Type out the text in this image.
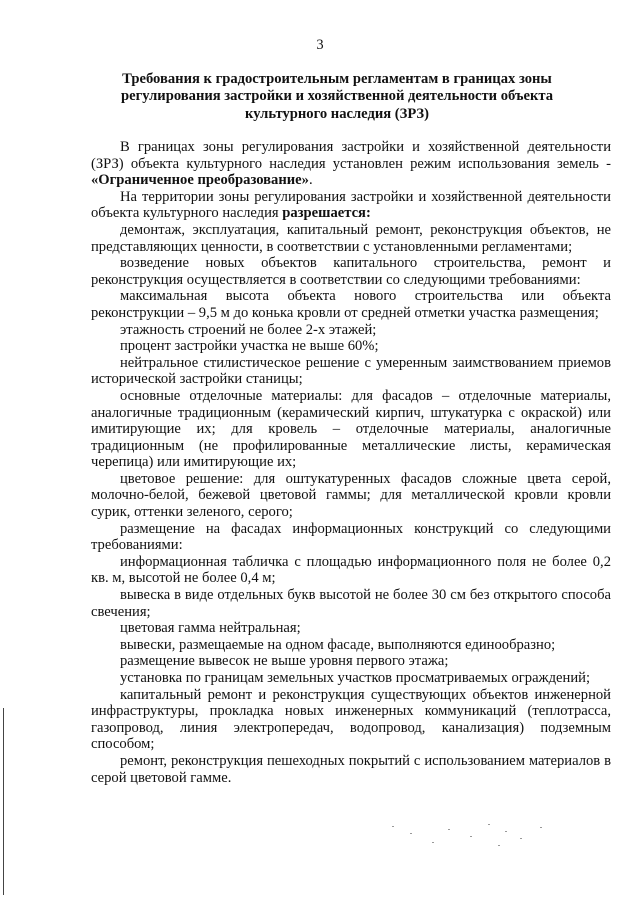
3
Требования к градостроительным регламентам в границах зоны регулирования застройки и хозяйственной деятельности объекта культурного наследия (ЗРЗ)

В границах зоны регулирования застройки и хозяйственной деятельности (ЗРЗ) объекта культурного наследия установлен режим использования земель - «Ограниченное преобразование».

На территории зоны регулирования застройки и хозяйственной деятельности объекта культурного наследия разрешается:

демонтаж, эксплуатация, капитальный ремонт, реконструкция объектов, не представляющих ценности, в соответствии с установленными регламентами;

возведение новых объектов капитального строительства, ремонт и реконструкция осуществляется в соответствии со следующими требованиями:

максимальная высота объекта нового строительства или объекта реконструкции – 9,5 м до конька кровли от средней отметки участка размещения;

этажность строений не более 2-х этажей;

процент застройки участка не выше 60%;

нейтральное стилистическое решение с умеренным заимствованием приемов исторической застройки станицы;

основные отделочные материалы: для фасадов – отделочные материалы, аналогичные традиционным (керамический кирпич, штукатурка с окраской) или имитирующие их; для кровель – отделочные материалы, аналогичные традиционным (не профилированные металлические листы, керамическая черепица) или имитирующие их;

цветовое решение: для оштукатуренных фасадов сложные цвета серой, молочно-белой, бежевой цветовой гаммы; для металлической кровли кровли сурик, оттенки зеленого, серого;

размещение на фасадах информационных конструкций со следующими требованиями:

информационная табличка с площадью информационного поля не более 0,2 кв. м, высотой не более 0,4 м;

вывеска в виде отдельных букв высотой не более 30 см без открытого способа свечения;

цветовая гамма нейтральная;

вывески, размещаемые на одном фасаде, выполняются единообразно;

размещение вывесок не выше уровня первого этажа;

установка по границам земельных участков просматриваемых ограждений;

капитальный ремонт и реконструкция существующих объектов инженерной инфраструктуры, прокладка новых инженерных коммуникаций (теплотрасса, газопровод, линия электропередач, водопровод, канализация) подземным способом;

ремонт, реконструкция пешеходных покрытий с использованием материалов в серой цветовой гамме.
